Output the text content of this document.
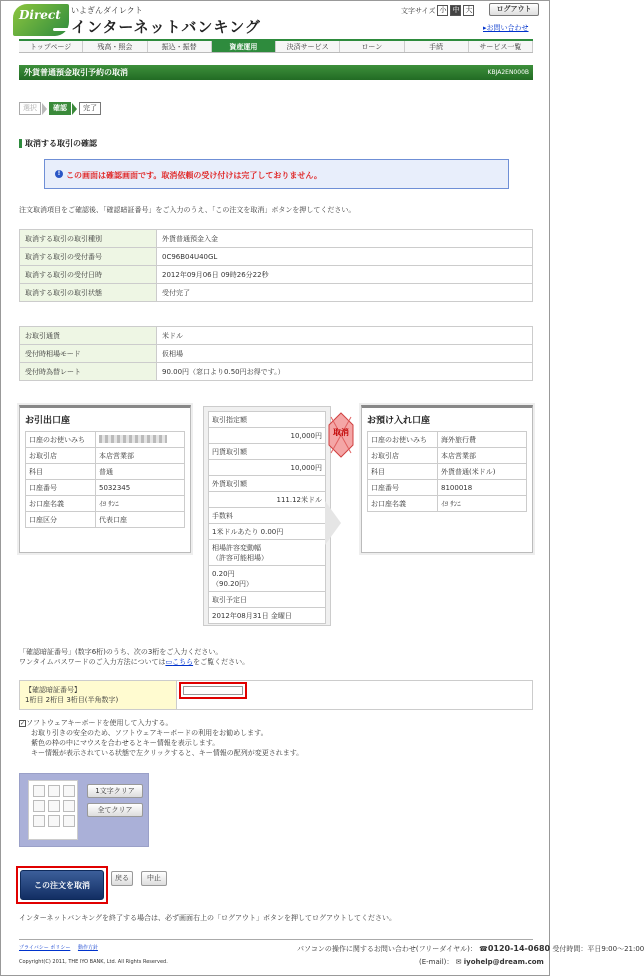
Direct	いよぎんダイレクト
インターネットバンキング
文字サイズ 小 中 大	ログアウト
▸お問い合わせ
トップページ	残高・照会	振込・振替	資産運用	決済サービス	ローン	手続	サービス一覧
外貨普通預金取引予約の取消	KBJA2EN000B
選択	確認	完了
取消する取引の確認
! この画面は確認画面です。取消依頼の受け付けは完了しておりません。
注文取消項目をご確認後、「確認暗証番号」をご入力のうえ、「この注文を取消」ボタンを押してください。
取消する取引の取引種別	外貨普通預金入金
取消する取引の受付番号	0C96B04U40GL
取消する取引の受付日時	2012年09月06日 09時26分22秒
取消する取引の取引状態	受付完了
お取引通貨	米ドル
受付時相場モード	仮相場
受付時為替レート	90.00円（窓口より0.50円お得です。）
お引出口座
口座のお使いみち	
お取引店	本店営業部
科目	普通
口座番号	5032345
お口座名義	ｲﾖ ｻﾝﾆ
口座区分	代表口座
取引指定額
10,000円
円貨取引額
10,000円
外貨取引額
111.12米ドル
手数料
1米ドルあたり 0.00円
相場許容変動幅
（許容可能相場）
0.20円
（90.20円）
取引予定日
2012年08月31日 金曜日
取消
お預け入れ口座
口座のお使いみち	海外旅行費
お取引店	本店営業部
科目	外貨普通(米ドル)
口座番号	8100018
お口座名義	ｲﾖ ｻﾝﾆ
「確認暗証番号」(数字6桁)のうち、次の3桁をご入力ください。
ワンタイムパスワードのご入力方法については▭こちらをご覧ください。
【確認暗証番号】
1桁目 2桁目 3桁目(半角数字)
✓ソフトウェアキーボードを使用して入力する。
お取り引きの安全のため、ソフトウェアキーボードの利用をお勧めします。
紫色の枠の中にマウスを合わせるとキー情報を表示します。
キー情報が表示されている状態で左クリックすると、キー情報の配列が変更されます。
1文字クリア
全てクリア
この注文を取消
戻る	中止
インターネットバンキングを終了する場合は、必ず画面右上の「ログアウト」ボタンを押してログアウトしてください。
プライバシー ポリシー 動作方針
Copyright(C) 2011, THE IYO BANK, Ltd. All Rights Reserved.
パソコンの操作に関するお問い合わせ(フリーダイヤル)： ☎0120-14-0680 受付時間：平日9:00～21:00
(E-mail)： ✉ iyohelp@dream.com
